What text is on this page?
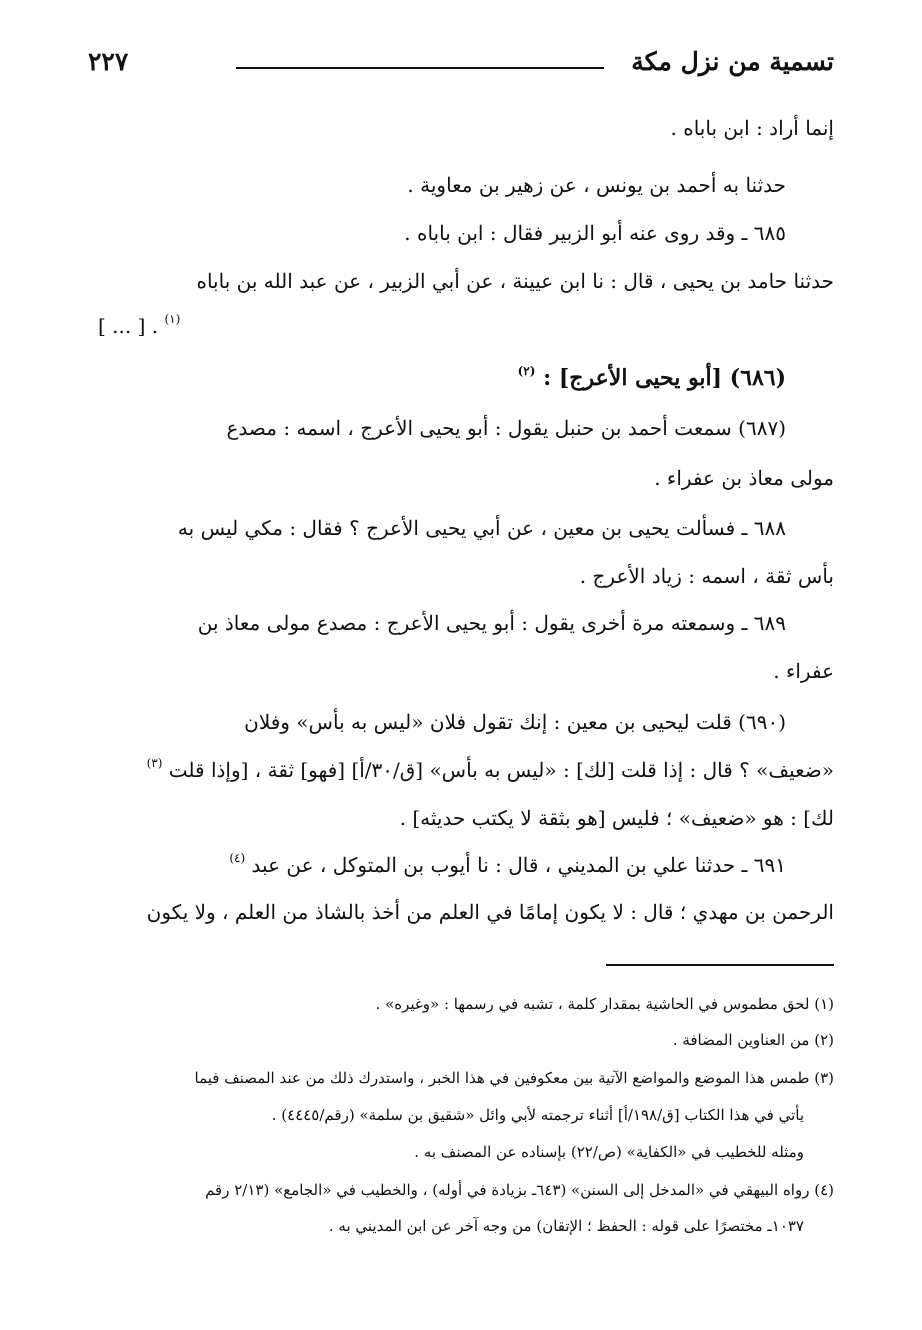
تسمية من نزل مكة
٢٢٧
إنما أراد : ابن باباه .
حدثنا به أحمد بن يونس ، عن زهير بن معاوية .
٦٨٥ ـ وقد روى عنه أبو الزبير فقال : ابن باباه .
حدثنا حامد بن يحيى ، قال : نا ابن عيينة ، عن أبي الزبير ، عن عبد الله بن باباه
[ ... ] . $^{(١)}$
(٦٨٦) [أبو يحيى الأعرج] : $^{(٢)}$
(٦٨٧) سمعت أحمد بن حنبل يقول : أبو يحيى الأعرج ، اسمه : مصدع
مولى معاذ بن عفراء .
٦٨٨ ـ فسألت يحيى بن معين ، عن أبي يحيى الأعرج ؟ فقال : مكي ليس به
بأس ثقة ، اسمه : زياد الأعرج .
٦٨٩ ـ وسمعته مرة أخرى يقول : أبو يحيى الأعرج : مصدع مولى معاذ بن
عفراء .
(٦٩٠) قلت ليحيى بن معين : إنك تقول فلان «ليس به بأس» وفلان
«ضعيف» ؟ قال : إذا قلت [لك] : «ليس به بأس» [ق/٣٠/أ] [فهو] ثقة ، [وإذا قلت $^{(٣)}$
لك] : هو «ضعيف» ؛ فليس [هو بثقة لا يكتب حديثه] .
٦٩١ ـ حدثنا علي بن المديني ، قال : نا أيوب بن المتوكل ، عن عبد $^{(٤)}$
الرحمن بن مهدي ؛ قال : لا يكون إمامًا في العلم من أخذ بالشاذ من العلم ، ولا يكون
(١) لحق مطموس في الحاشية بمقدار كلمة ، تشبه في رسمها : «وغيره» .
(٢) من العناوين المضافة .
(٣) طمس هذا الموضع والمواضع الآتية بين معكوفين في هذا الخبر ، واستدرك ذلك من عند المصنف فيما
يأتي في هذا الكتاب [ق/١٩٨/أ] أثناء ترجمته لأبي وائل «شقيق بن سلمة» (رقم/٤٤٤٥) .
ومثله للخطيب في «الكفاية» (ص/٢٢) بإسناده عن المصنف به .
(٤) رواه البيهقي في «المدخل إلى السنن» (٦٤٣ـ بزيادة في أوله) ، والخطيب في «الجامع» (٢/١٣ رقم
١٠٣٧ـ مختصرًا على قوله : الحفظ ؛ الإتقان) من وجه آخر عن ابن المديني به .
